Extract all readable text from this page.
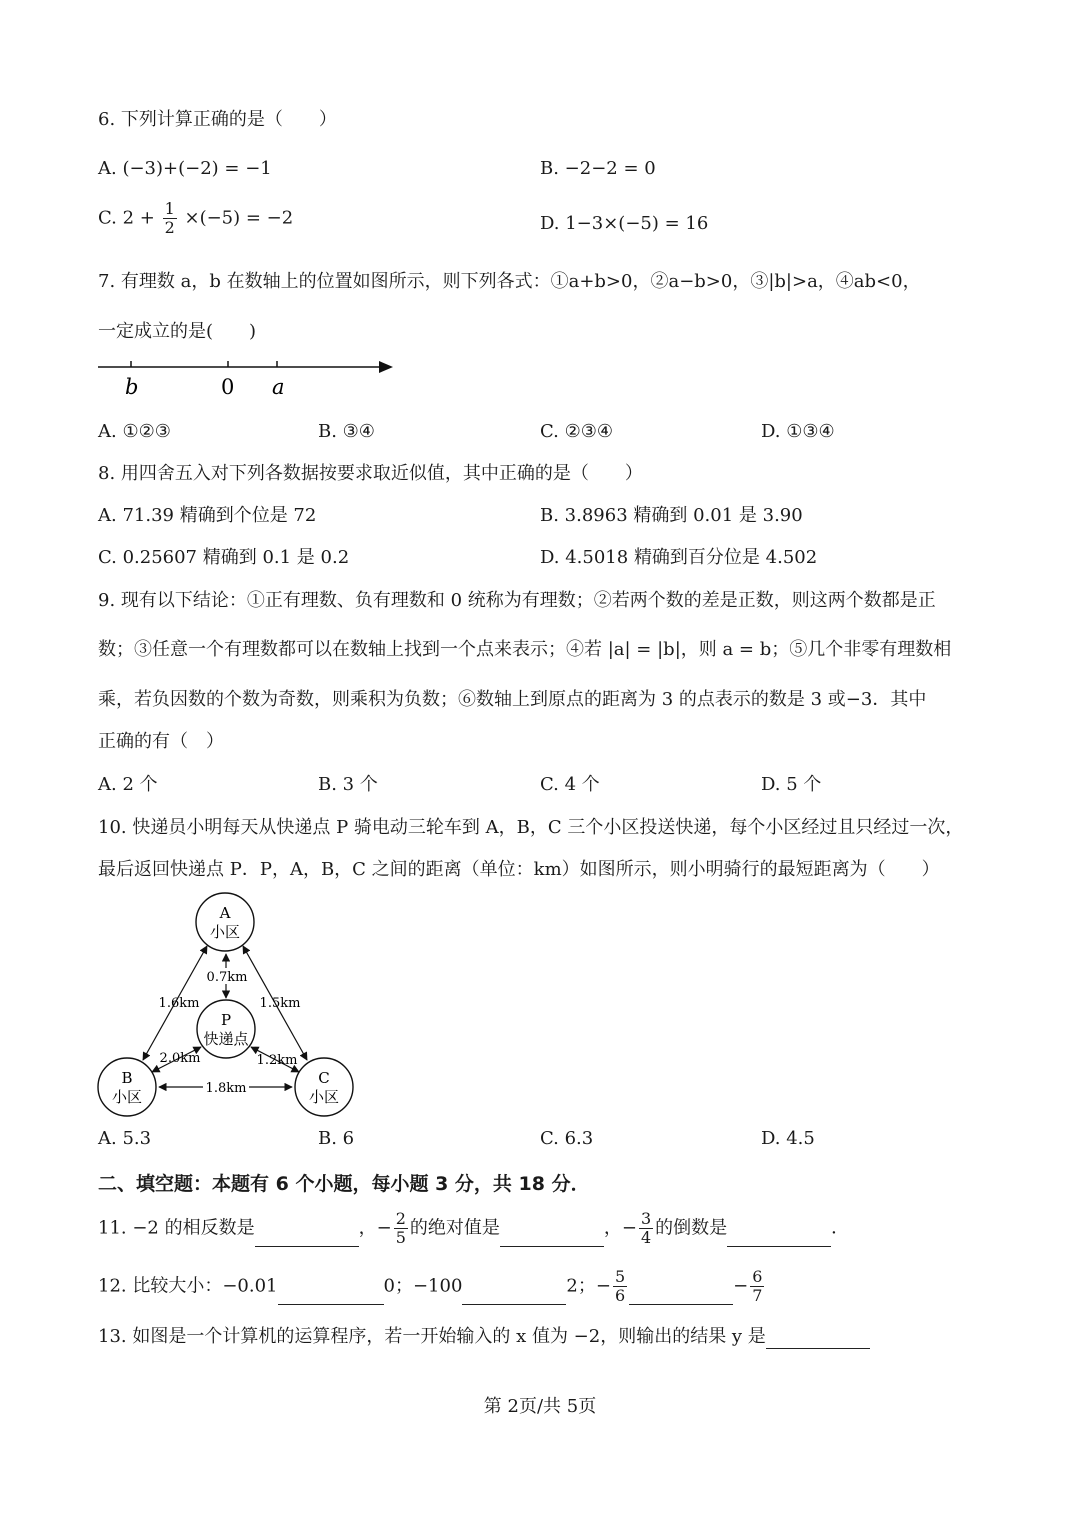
6. 下列计算正确的是（　　）
A. (−3)+(−2) = −1	B. −2−2 = 0
C. $2 + \frac{1}{2} \times(-5) = -2$	D. 1−3×(−5) = 16
7. 有理数 a，b 在数轴上的位置如图所示，则下列各式：①a+b>0，②a−b>0，③|b|>a，④ab<0，
一定成立的是(　　)
b	0 a
A. ①②③	B. ③④	C. ②③④	D. ①③④
8. 用四舍五入对下列各数据按要求取近似值，其中正确的是（　　）
A. 71.39 精确到个位是 72	B. 3.8963 精确到 0.01 是 3.90
C. 0.25607 精确到 0.1 是 0.2	D. 4.5018 精确到百分位是 4.502
9. 现有以下结论：①正有理数、负有理数和 0 统称为有理数；②若两个数的差是正数，则这两个数都是正
数；③任意一个有理数都可以在数轴上找到一个点来表示；④若 |a| = |b|，则 a = b；⑤几个非零有理数相
乘，若负因数的个数为奇数，则乘积为负数；⑥数轴上到原点的距离为 3 的点表示的数是 3 或−3．其中
正确的有（　）
A. 2 个	B. 3 个	C. 4 个	D. 5 个
10. 快递员小明每天从快递点 P 骑电动三轮车到 A，B，C 三个小区投送快递，每个小区经过且只经过一次，
最后返回快递点 P．P，A，B，C 之间的距离（单位：km）如图所示，则小明骑行的最短距离为（　　）
A
小区
P
快递点
B
小区
C
小区
0.7km
1.6km	1.5km
2.0km	1.2km
1.8km
A. 5.3	B. 6	C. 6.3	D. 4.5
二、填空题：本题有 6 个小题，每小题 3 分，共 18 分．
11. −2 的相反数是	，− $\frac{2}{5}$ 的绝对值是	，− $\frac{3}{4}$ 的倒数是	．
12. 比较大小：−0.01	0；−100	2；− $\frac{5}{6}$	− $\frac{6}{7}$
13. 如图是一个计算机的运算程序，若一开始输入的 x 值为 −2，则输出的结果 y 是
第 2页/共 5页
